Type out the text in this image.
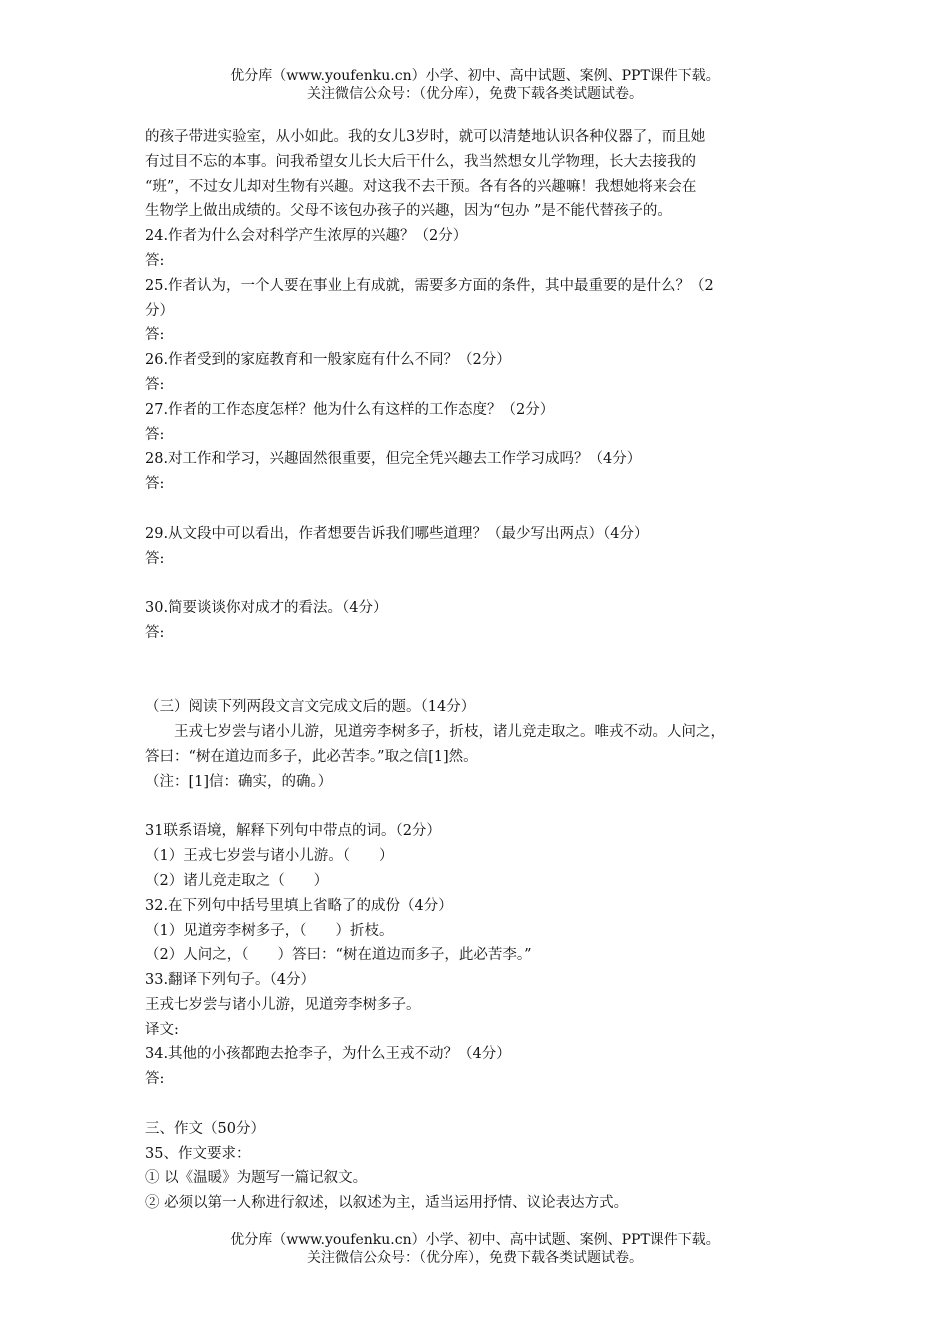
优分库（www.youfenku.cn）小学、初中、高中试题、案例、PPT课件下载。
关注微信公众号：（优分库），免费下载各类试题试卷。

的孩子带进实验室，从小如此。我的女儿3岁时，就可以清楚地认识各种仪器了，而且她

有过目不忘的本事。问我希望女儿长大后干什么，我当然想女儿学物理，长大去接我的

“班”，不过女儿却对生物有兴趣。对这我不去干预。各有各的兴趣嘛！我想她将来会在

生物学上做出成绩的。父母不该包办孩子的兴趣，因为“包办 ”是不能代替孩子的。

24.作者为什么会对科学产生浓厚的兴趣？（2分）

答:

25.作者认为，一个人要在事业上有成就，需要多方面的条件，其中最重要的是什么？（2

分）

答:

26.作者受到的家庭教育和一般家庭有什么不同？（2分）

答:

27.作者的工作态度怎样？他为什么有这样的工作态度？（2分）

答:

28.对工作和学习，兴趣固然很重要，但完全凭兴趣去工作学习成吗？（4分）

答:

29.从文段中可以看出，作者想要告诉我们哪些道理？（最少写出两点）（4分）

答:

30.简要谈谈你对成才的看法。（4分）

答:

（三）阅读下列两段文言文完成文后的题。（14分）

王戎七岁尝与诸小儿游，见道旁李树多子，折枝，诸儿竞走取之。唯戎不动。人问之，

答曰：“树在道边而多子，此必苦李。”取之信[1]然。

（注：[1]信：确实，的确。）

31联系语境，解释下列句中带点的词。（2分）

（1）王戎七岁尝与诸小儿游。（　　）

（2）诸儿竞走取之（　　）

32.在下列句中括号里填上省略了的成份（4分）

（1）见道旁李树多子，（　　）折枝。

（2）人问之，（　　）答曰：“树在道边而多子，此必苦李。”

33.翻译下列句子。（4分）

王戎七岁尝与诸小儿游，见道旁李树多子。

译文:

34.其他的小孩都跑去抢李子，为什么王戎不动？（4分）

答:

三、作文（50分）

35、作文要求：

① 以《温暖》为题写一篇记叙文。

② 必须以第一人称进行叙述，以叙述为主，适当运用抒情、议论表达方式。

优分库（www.youfenku.cn）小学、初中、高中试题、案例、PPT课件下载。
关注微信公众号：（优分库），免费下载各类试题试卷。
